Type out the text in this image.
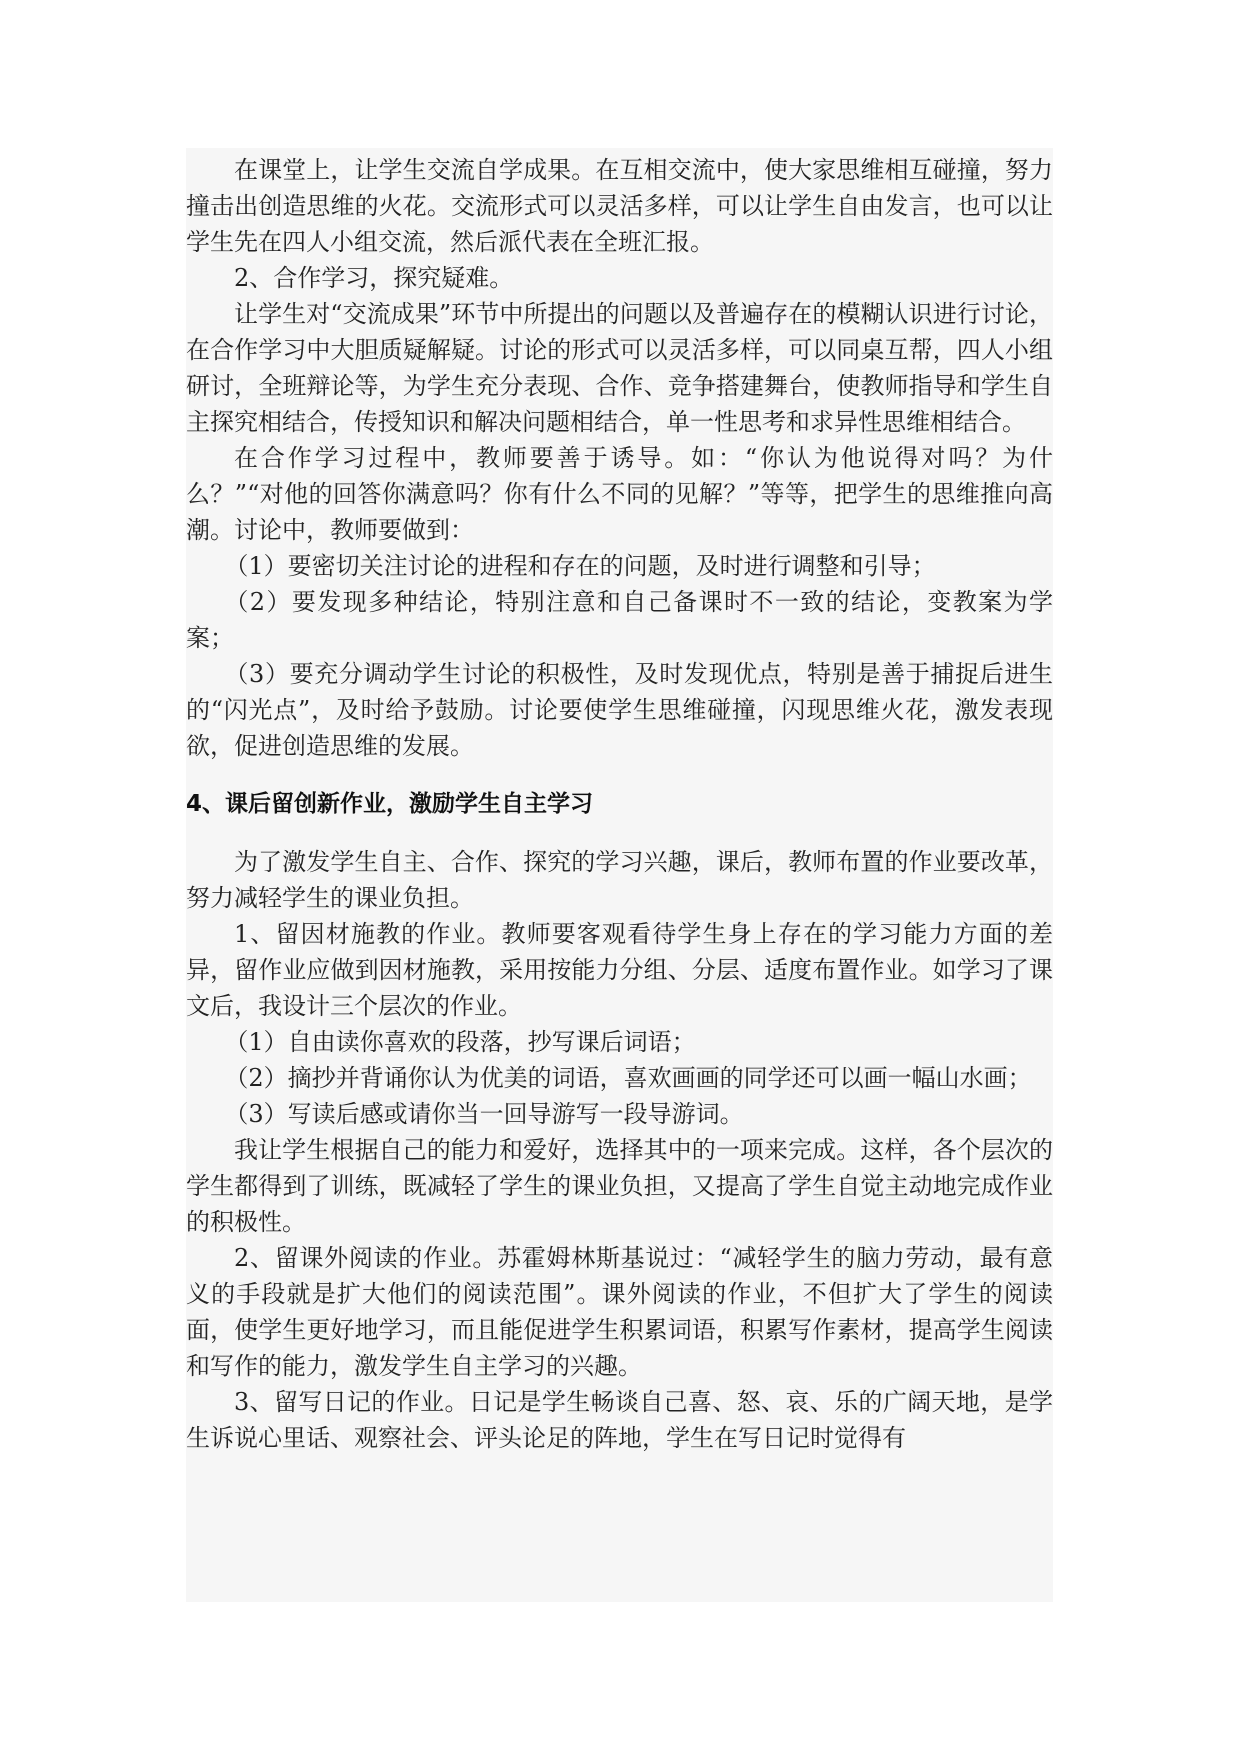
在课堂上，让学生交流自学成果。在互相交流中，使大家思维相互碰撞，努力撞击出创造思维的火花。交流形式可以灵活多样，可以让学生自由发言，也可以让学生先在四人小组交流，然后派代表在全班汇报。

2、合作学习，探究疑难。

让学生对“交流成果”环节中所提出的问题以及普遍存在的模糊认识进行讨论，在合作学习中大胆质疑解疑。讨论的形式可以灵活多样，可以同桌互帮，四人小组研讨，全班辩论等，为学生充分表现、合作、竞争搭建舞台，使教师指导和学生自主探究相结合，传授知识和解决问题相结合，单一性思考和求异性思维相结合。

在合作学习过程中，教师要善于诱导。如：“你认为他说得对吗？为什么？”“对他的回答你满意吗？你有什么不同的见解？”等等，把学生的思维推向高潮。讨论中，教师要做到：

（1）要密切关注讨论的进程和存在的问题，及时进行调整和引导；

（2）要发现多种结论，特别注意和自己备课时不一致的结论，变教案为学案；

（3）要充分调动学生讨论的积极性，及时发现优点，特别是善于捕捉后进生的“闪光点”，及时给予鼓励。讨论要使学生思维碰撞，闪现思维火花，激发表现欲，促进创造思维的发展。

4、课后留创新作业，激励学生自主学习

为了激发学生自主、合作、探究的学习兴趣，课后，教师布置的作业要改革，努力减轻学生的课业负担。

1、留因材施教的作业。教师要客观看待学生身上存在的学习能力方面的差异，留作业应做到因材施教，采用按能力分组、分层、适度布置作业。如学习了课文后，我设计三个层次的作业。

（1）自由读你喜欢的段落，抄写课后词语；

（2）摘抄并背诵你认为优美的词语，喜欢画画的同学还可以画一幅山水画；

（3）写读后感或请你当一回导游写一段导游词。

我让学生根据自己的能力和爱好，选择其中的一项来完成。这样，各个层次的学生都得到了训练，既减轻了学生的课业负担，又提高了学生自觉主动地完成作业的积极性。

2、留课外阅读的作业。苏霍姆林斯基说过：“减轻学生的脑力劳动，最有意义的手段就是扩大他们的阅读范围”。课外阅读的作业，不但扩大了学生的阅读面，使学生更好地学习，而且能促进学生积累词语，积累写作素材，提高学生阅读和写作的能力，激发学生自主学习的兴趣。

3、留写日记的作业。日记是学生畅谈自己喜、怒、哀、乐的广阔天地，是学生诉说心里话、观察社会、评头论足的阵地，学生在写日记时觉得有
